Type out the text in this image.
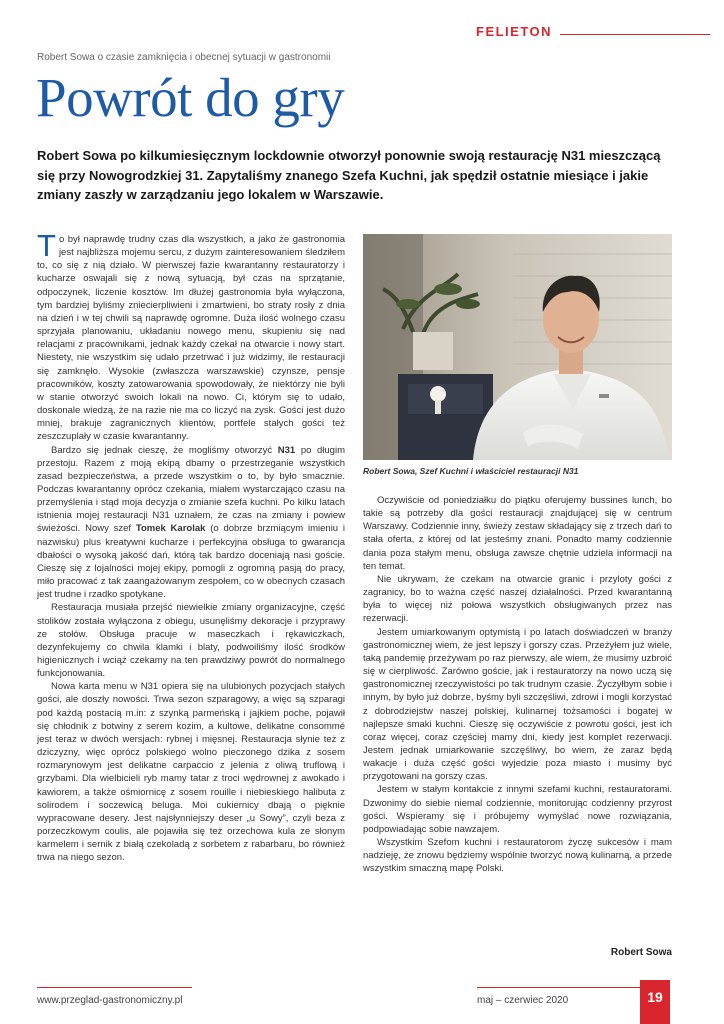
FELIETON
Robert Sowa o czasie zamknięcia i obecnej sytuacji w gastronomii
Powrót do gry

Robert Sowa po kilkumiesięcznym lockdownie otworzył ponownie swoją restaurację N31 mieszczącą się przy Nowogrodzkiej 31. Zapytaliśmy znanego Szefa Kuchni, jak spędził ostatnie miesiące i jakie zmiany zaszły w zarządzaniu jego lokalem w Warszawie.

To był naprawdę trudny czas dla wszystkich, a jako że gastronomia jest najbliższa mojemu sercu, z dużym zainteresowaniem śledziłem to, co się z nią działo. W pierwszej fazie kwarantanny restauratorzy i kucharze oswajali się z nową sytuacją, był czas na sprzątanie, odpoczynek, liczenie kosztów. Im dłużej gastronomia była wyłączona, tym bardziej byliśmy zniecierpliwieni i zmartwieni, bo straty rosły z dnia na dzień i w tej chwili są naprawdę ogromne. Duża ilość wolnego czasu sprzyjała planowaniu, układaniu nowego menu, skupieniu się nad relacjami z pracownikami, jednak każdy czekał na otwarcie i nowy start. Niestety, nie wszystkim się udało przetrwać i już widzimy, ile restauracji się zamknęło. Wysokie (zwłaszcza warszawskie) czynsze, pensje pracowników, koszty zatowarowania spowodowały, że niektórzy nie byli w stanie otworzyć swoich lokali na nowo. Ci, którym się to udało, doskonale wiedzą, że na razie nie ma co liczyć na zysk. Gości jest dużo mniej, brakuje zagranicznych klientów, portfele stałych gości też zeszczuplały w czasie kwarantanny.

Bardzo się jednak cieszę, że mogliśmy otworzyć N31 po długim przestoju. Razem z moją ekipą dbamy o przestrzeganie wszystkich zasad bezpieczeństwa, a przede wszystkim o to, by było smacznie. Podczas kwarantanny oprócz czekania, miałem wystarczająco czasu na przemyślenia i stąd moja decyzja o zmianie szefa kuchni. Po kilku latach istnienia mojej restauracji N31 uznałem, że czas na zmiany i powiew świeżości. Nowy szef Tomek Karolak (o dobrze brzmiącym imieniu i nazwisku) plus kreatywni kucharze i perfekcyjna obsługa to gwarancja dbałości o wysoką jakość dań, którą tak bardzo doceniają nasi goście. Cieszę się z lojalności mojej ekipy, pomogli z ogromną pasją do pracy, miło pracować z tak zaangażowanym zespołem, co w obecnych czasach jest trudne i rzadko spotykane.

Restauracja musiała przejść niewielkie zmiany organizacyjne, część stolików została wyłączona z obiegu, usunęliśmy dekoracje i przyprawy ze stołów. Obsługa pracuje w maseczkach i rękawiczkach, dezynfekujemy co chwila klamki i blaty, podwoiliśmy ilość środków higienicznych i wciąż czekamy na ten prawdziwy powrót do normalnego funkcjonowania.

Nowa karta menu w N31 opiera się na ulubionych pozycjach stałych gości, ale doszły nowości. Trwa sezon szparagowy, a więc są szparagi pod każdą postacią m.in: z szynką parmeńską i jajkiem poche, pojawił się chłodnik z botwiny z serem kozim, a kultowe, delikatne consommé jest teraz w dwóch wersjach: rybnej i mięsnej. Restauracja słynie też z dziczyzny, więc oprócz polskiego wolno pieczonego dzika z sosem rozmarynowym jest delikatne carpaccio z jelenia z oliwą truflową i grzybami. Dla wielbicieli ryb mamy tatar z troci wędrownej z awokado i kawiorem, a także ośmiornicę z sosem rouille i niebieskiego halibuta z solirodem i soczewicą beluga. Moi cukiernicy dbają o pięknie wypracowane desery. Jest najsłynniejszy deser „u Sowy”, czyli beza z porzeczkowym coulis, ale pojawiła się też orzechowa kula ze słonym karmelem i sernik z białą czekoladą z sorbetem z rabarbaru, bo również trwa na niego sezon.

Robert Sowa, Szef Kuchni i właściciel restauracji N31

Oczywiście od poniedziałku do piątku oferujemy bussines lunch, bo takie są potrzeby dla gości restauracji znajdującej się w centrum Warszawy. Codziennie inny, świeży zestaw składający się z trzech dań to stała oferta, z której od lat jesteśmy znani. Ponadto mamy codziennie dania poza stałym menu, obsługa zawsze chętnie udziela informacji na ten temat.

Nie ukrywam, że czekam na otwarcie granic i przyloty gości z zagranicy, bo to ważna część naszej działalności. Przed kwarantanną była to więcej niż połowa wszystkich obsługiwanych przez nas rezerwacji.

Jestem umiarkowanym optymistą i po latach doświadczeń w branży gastronomicznej wiem, że jest lepszy i gorszy czas. Przeżyłem już wiele, taką pandemię przeżywam po raz pierwszy, ale wiem, że musimy uzbroić się w cierpliwość. Zarówno goście, jak i restauratorzy na nowo uczą się gastronomicznej rzeczywistości po tak trudnym czasie. Życzyłbym sobie i innym, by było już dobrze, byśmy byli szczęśliwi, zdrowi i mogli korzystać z dobrodziejstw naszej polskiej, kulinarnej tożsamości i bogatej w najlepsze smaki kuchni. Cieszę się oczywiście z powrotu gości, jest ich coraz więcej, coraz częściej mamy dni, kiedy jest komplet rezerwacji. Jestem jednak umiarkowanie szczęśliwy, bo wiem, że zaraz będą wakacje i duża część gości wyjedzie poza miasto i musimy być przygotowani na gorszy czas.

Jestem w stałym kontakcie z innymi szefami kuchni, restauratorami. Dzwonimy do siebie niemal codziennie, monitorując codzienny przyrost gości. Wspieramy się i próbujemy wymyślać nowe rozwiązania, podpowiadając sobie nawzajem.

Wszystkim Szefom kuchni i restauratorom życzę sukcesów i mam nadzieję, że znowu będziemy wspólnie tworzyć nową kulinarną, a przede wszystkim smaczną mapę Polski.

Robert Sowa
www.przeglad-gastronomiczny.pl	maj – czerwiec 2020	19
